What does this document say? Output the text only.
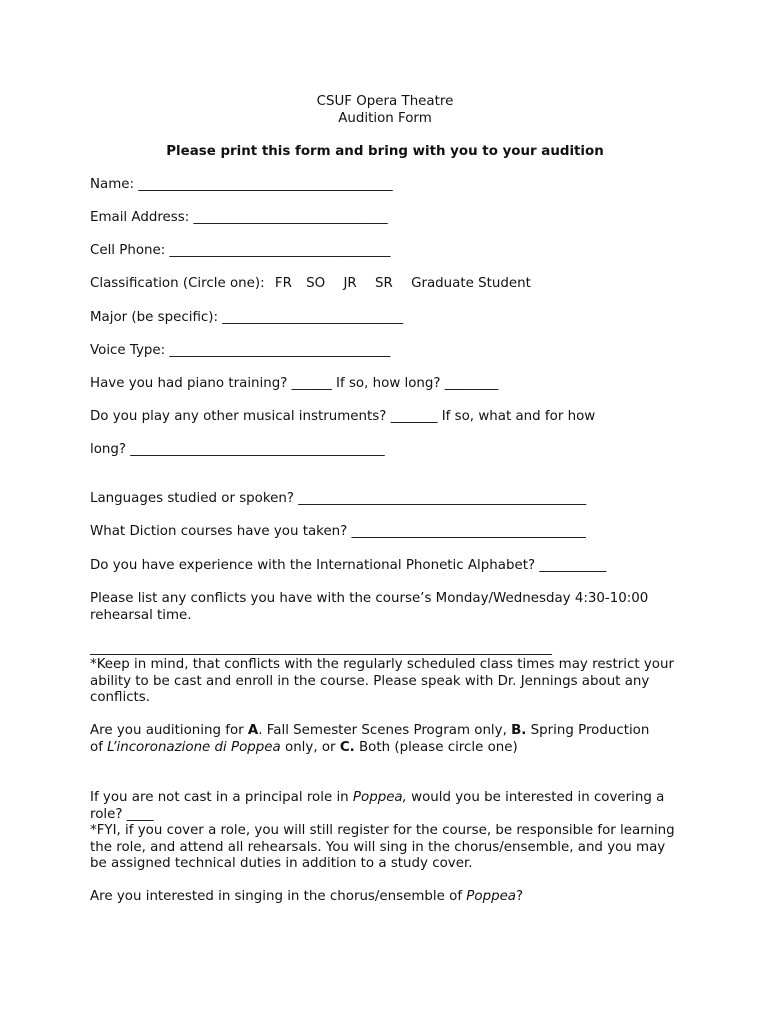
CSUF Opera Theatre
Audition Form
Please print this form and bring with you to your audition
Name: ______________________________________
Email Address: _____________________________
Cell Phone: _________________________________
Classification (Circle one): FR SO JR SR Graduate Student
Major (be specific): ___________________________
Voice Type: _________________________________
Have you had piano training? ______ If so, how long? ________
Do you play any other musical instruments? _______ If so, what and for how
long? ______________________________________
Languages studied or spoken? ___________________________________________
What Diction courses have you taken? ___________________________________
Do you have experience with the International Phonetic Alphabet? __________
Please list any conflicts you have with the course’s Monday/Wednesday 4:30-10:00 rehearsal time.
_____________________________________________________________________
*Keep in mind, that conflicts with the regularly scheduled class times may restrict your ability to be cast and enroll in the course. Please speak with Dr. Jennings about any conflicts.
Are you auditioning for A. Fall Semester Scenes Program only, B. Spring Production
of L’incoronazione di Poppea only, or C. Both (please circle one)
If you are not cast in a principal role in Poppea, would you be interested in covering a role? ____
*FYI, if you cover a role, you will still register for the course, be responsible for learning the role, and attend all rehearsals. You will sing in the chorus/ensemble, and you may be assigned technical duties in addition to a study cover.
Are you interested in singing in the chorus/ensemble of Poppea?
